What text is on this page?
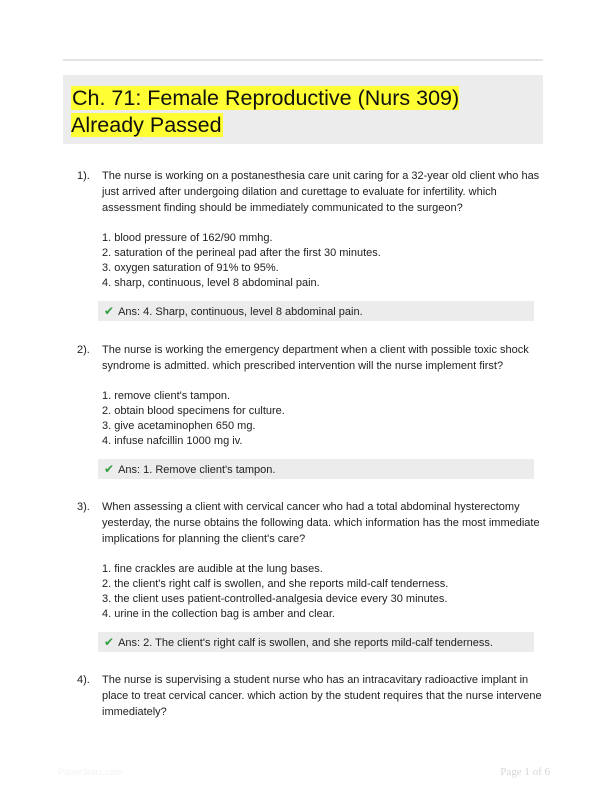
Ch. 71: Female Reproductive (Nurs 309) Already Passed
1). The nurse is working on a postanesthesia care unit caring for a 32-year old client who has just arrived after undergoing dilation and curettage to evaluate for infertility. which assessment finding should be immediately communicated to the surgeon?

1. blood pressure of 162/90 mmhg.
2. saturation of the perineal pad after the first 30 minutes.
3. oxygen saturation of 91% to 95%.
4. sharp, continuous, level 8 abdominal pain.
✔ Ans: 4. Sharp, continuous, level 8 abdominal pain.
2). The nurse is working the emergency department when a client with possible toxic shock syndrome is admitted. which prescribed intervention will the nurse implement first?

1. remove client's tampon.
2. obtain blood specimens for culture.
3. give acetaminophen 650 mg.
4. infuse nafcillin 1000 mg iv.
✔ Ans: 1. Remove client's tampon.
3). When assessing a client with cervical cancer who had a total abdominal hysterectomy yesterday, the nurse obtains the following data. which information has the most immediate implications for planning the client's care?

1. fine crackles are audible at the lung bases.
2. the client's right calf is swollen, and she reports mild-calf tenderness.
3. the client uses patient-controlled-analgesia device every 30 minutes.
4. urine in the collection bag is amber and clear.
✔ Ans: 2. The client's right calf is swollen, and she reports mild-calf tenderness.
4). The nurse is supervising a student nurse who has an intracavitary radioactive implant in place to treat cervical cancer. which action by the student requires that the nurse intervene immediately?

PaperStarz.com	Page 1 of 6
